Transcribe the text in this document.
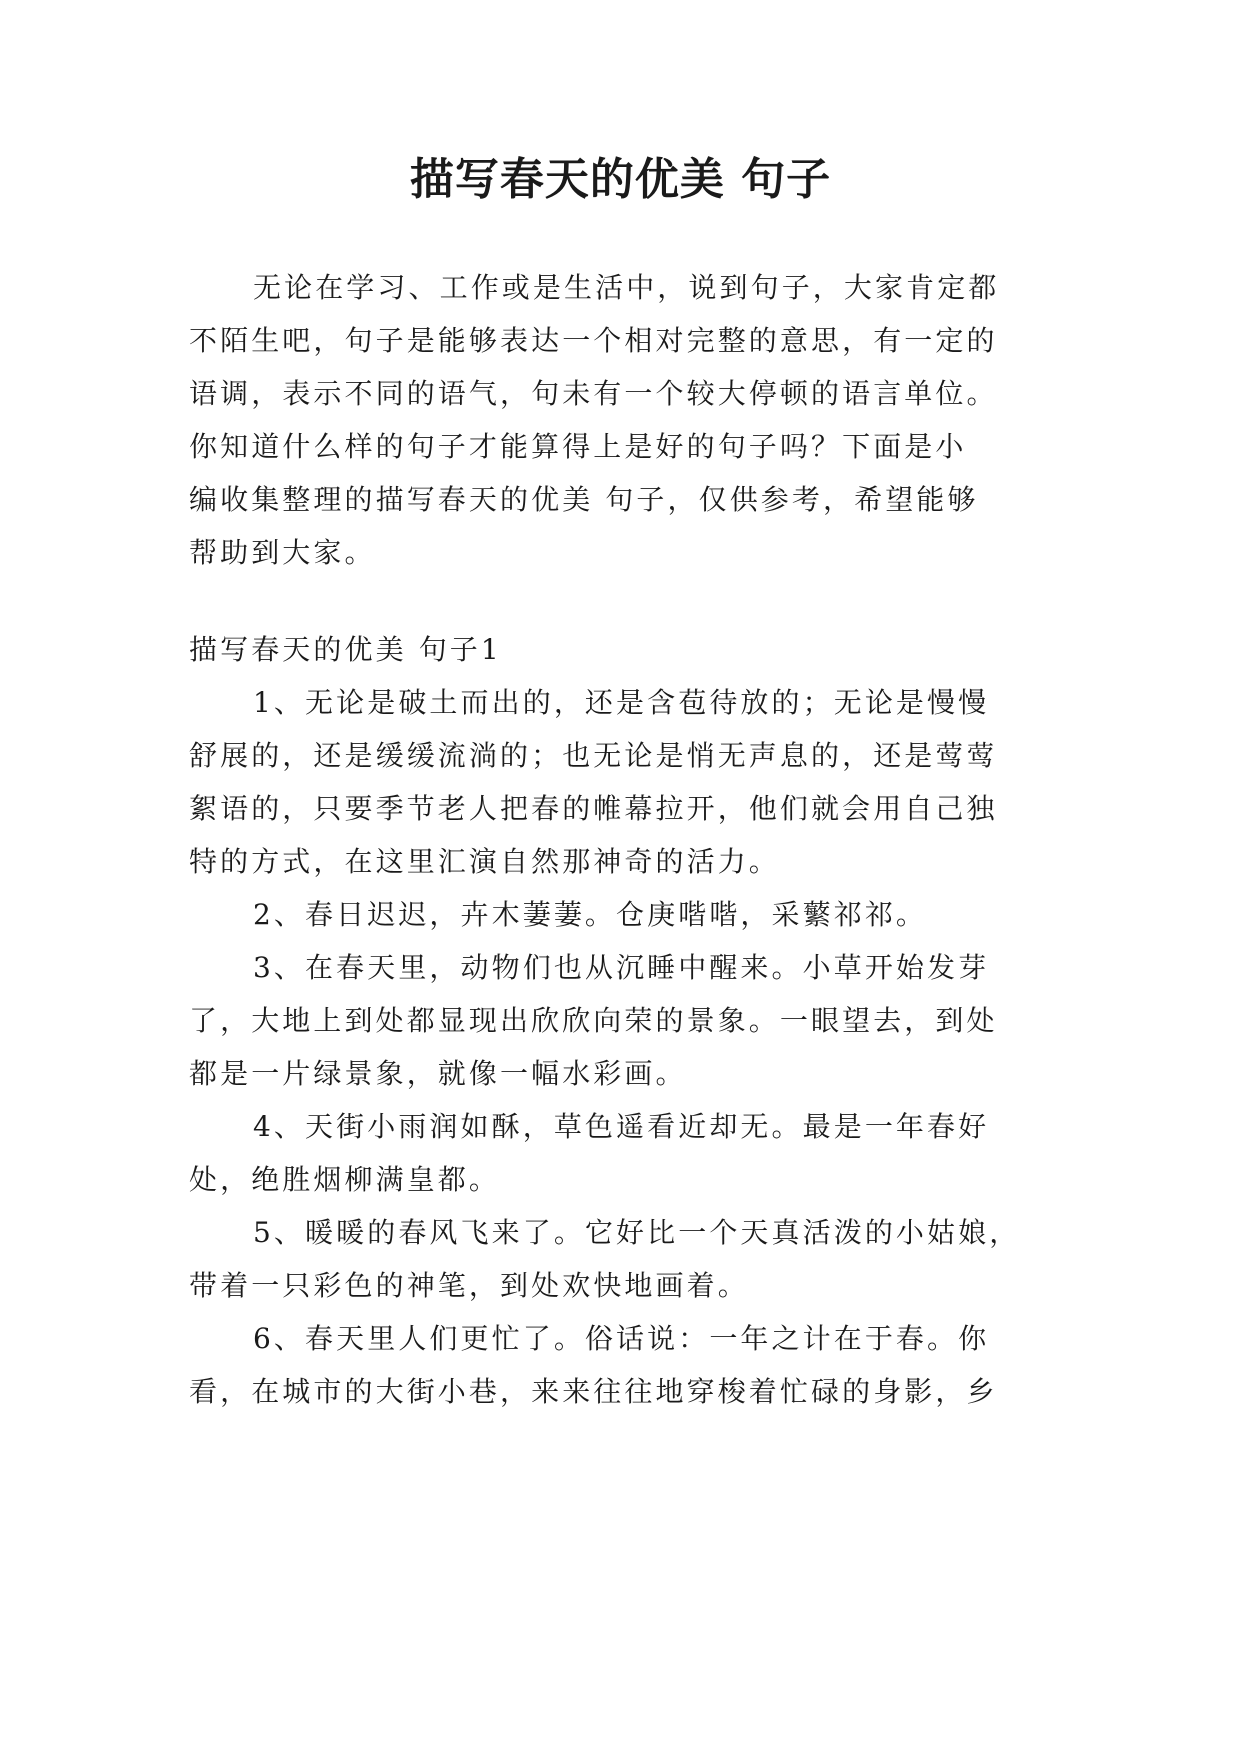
描写春天的优美 句子
无论在学习、工作或是生活中，说到句子，大家肯定都
不陌生吧，句子是能够表达一个相对完整的意思，有一定的
语调，表示不同的语气，句未有一个较大停顿的语言单位。
你知道什么样的句子才能算得上是好的句子吗？下面是小
编收集整理的描写春天的优美 句子，仅供参考，希望能够
帮助到大家。
描写春天的优美 句子1
1、无论是破土而出的，还是含苞待放的；无论是慢慢
舒展的，还是缓缓流淌的；也无论是悄无声息的，还是莺莺
絮语的，只要季节老人把春的帷幕拉开，他们就会用自己独
特的方式，在这里汇演自然那神奇的活力。
2、春日迟迟，卉木萋萋。仓庚喈喈，采蘩祁祁。
3、在春天里，动物们也从沉睡中醒来。小草开始发芽
了，大地上到处都显现出欣欣向荣的景象。一眼望去，到处
都是一片绿景象，就像一幅水彩画。
4、天街小雨润如酥，草色遥看近却无。最是一年春好
处，绝胜烟柳满皇都。
5、暖暖的春风飞来了。它好比一个天真活泼的小姑娘，
带着一只彩色的神笔，到处欢快地画着。
6、春天里人们更忙了。俗话说：一年之计在于春。你
看，在城市的大街小巷，来来往往地穿梭着忙碌的身影，乡
